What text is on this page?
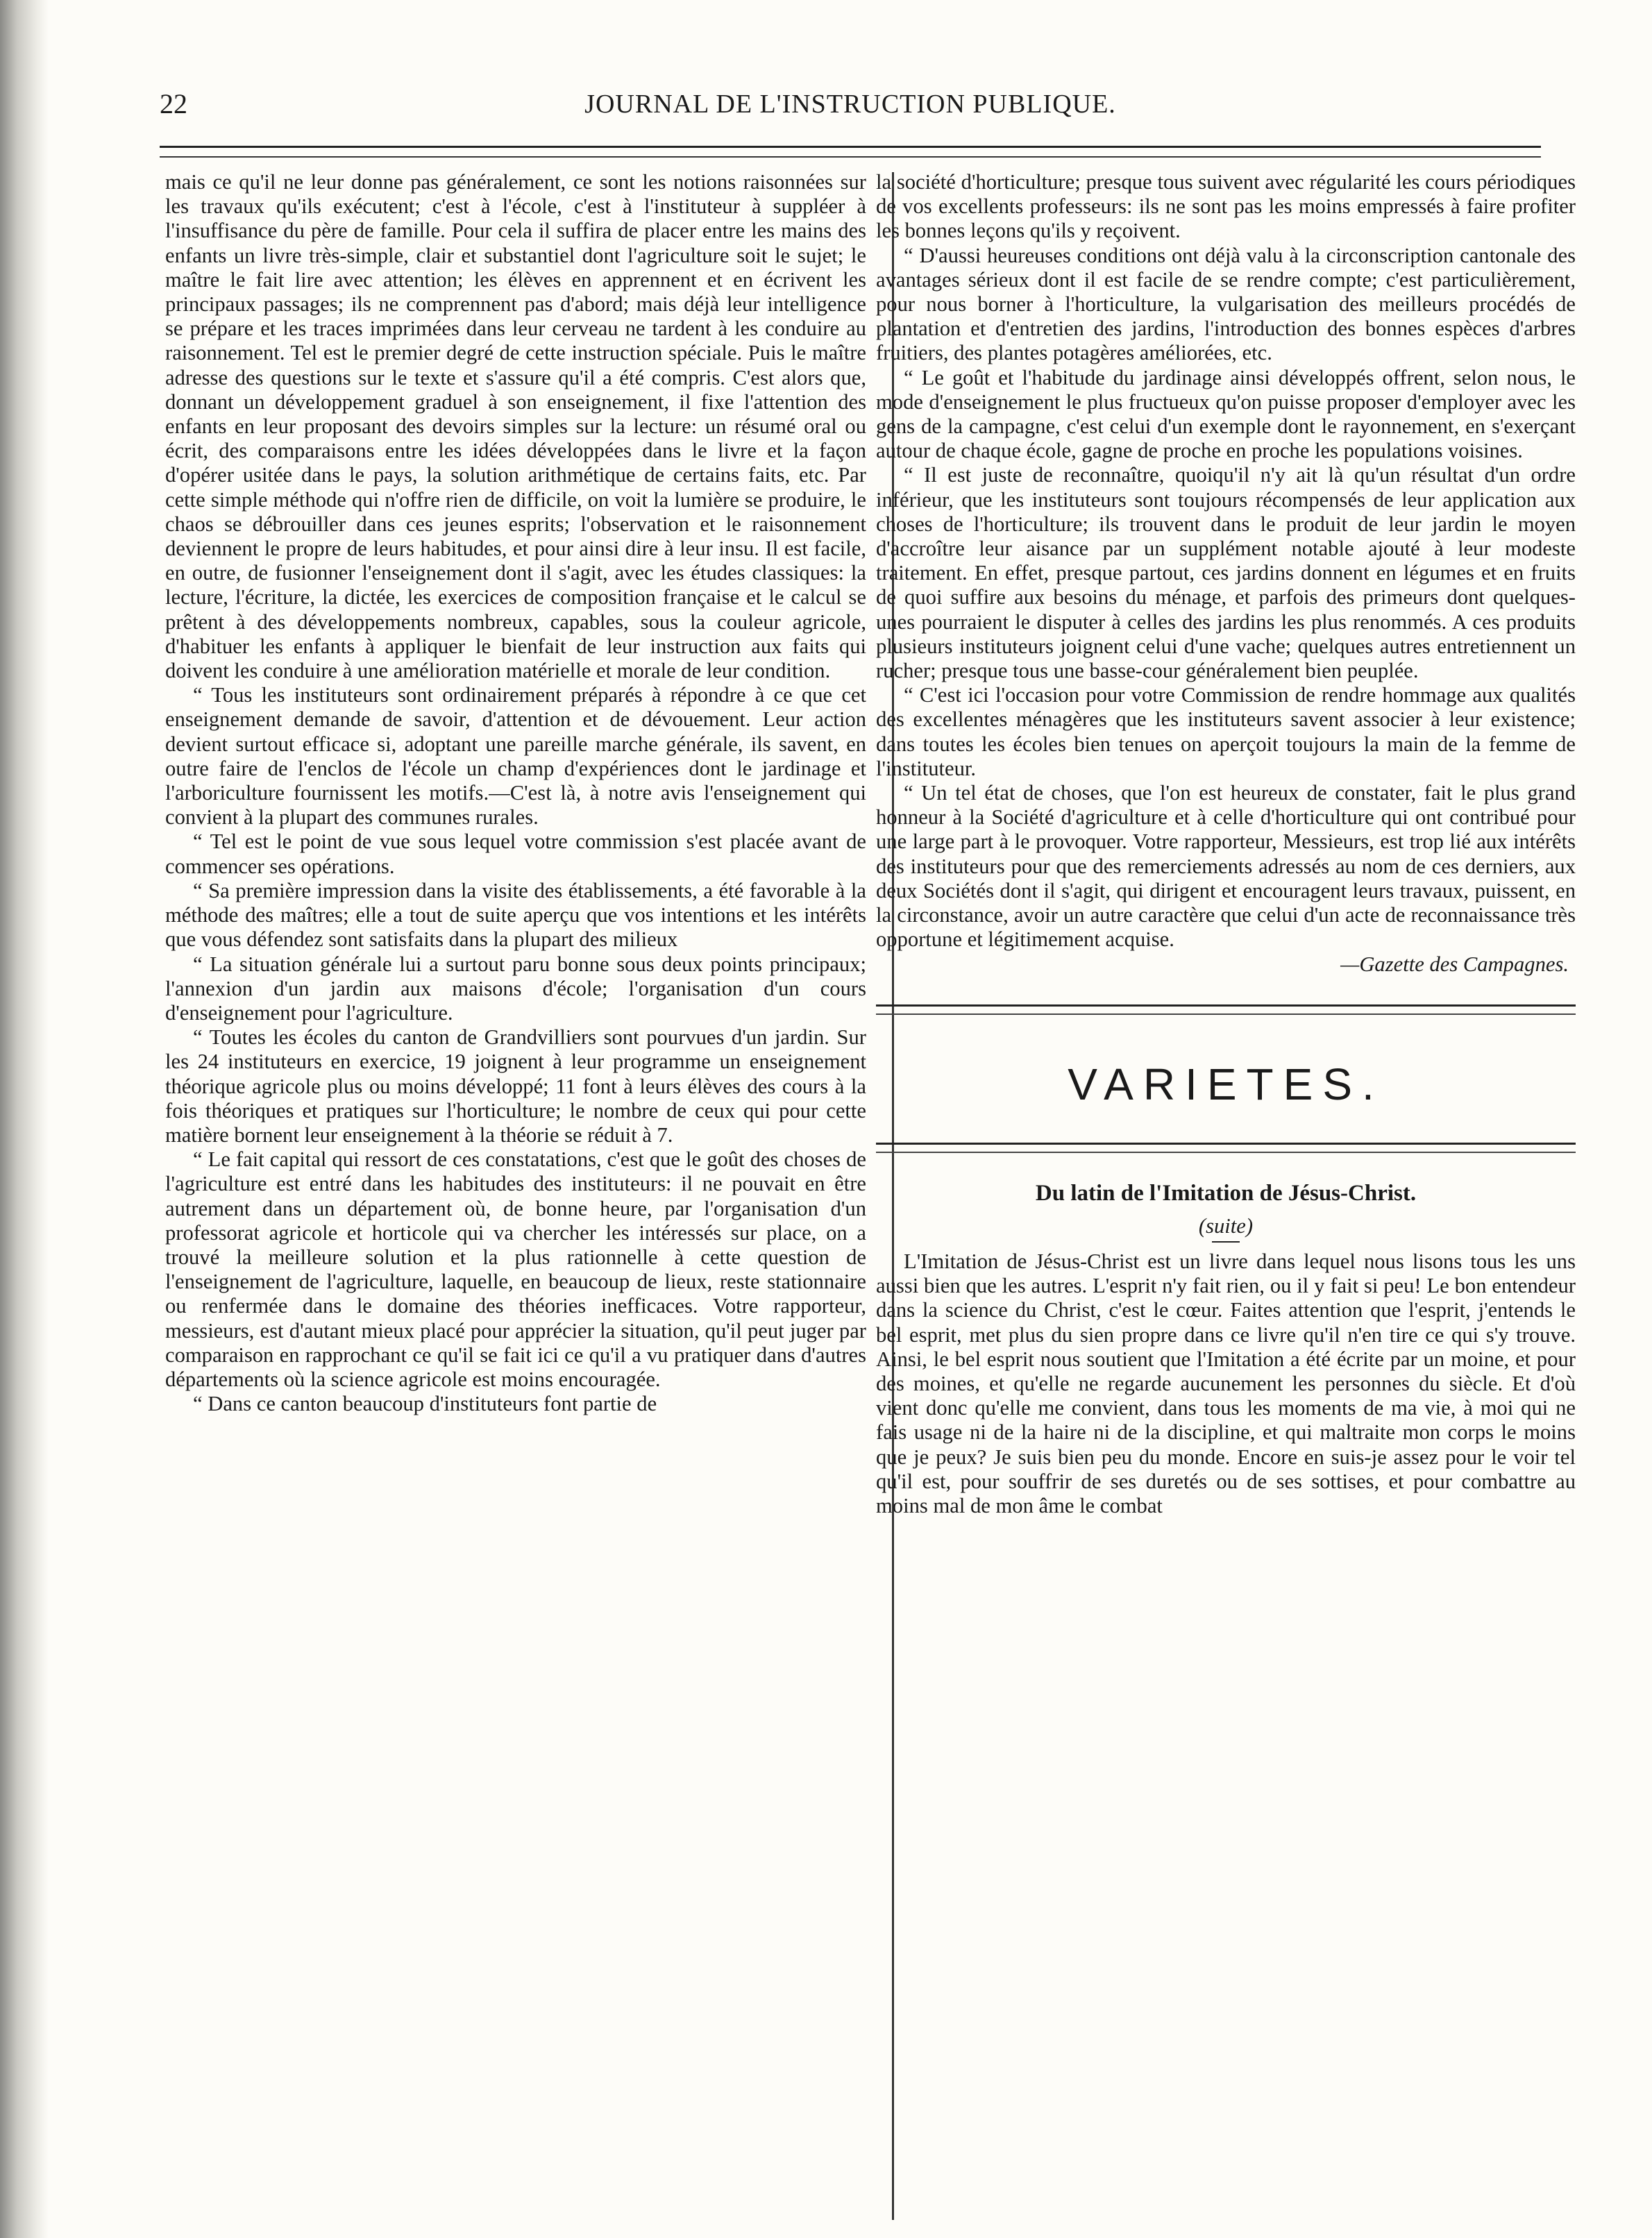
22	JOURNAL DE L'INSTRUCTION PUBLIQUE.

mais ce qu'il ne leur donne pas généralement, ce sont les notions raisonnées sur les travaux qu'ils exécutent; c'est à l'école, c'est à l'instituteur à suppléer à l'insuffisance du père de famille. Pour cela il suffira de placer entre les mains des enfants un livre très-simple, clair et substantiel dont l'agriculture soit le sujet; le maître le fait lire avec attention; les élèves en apprennent et en écrivent les principaux passages; ils ne comprennent pas d'abord; mais déjà leur intelligence se prépare et les traces imprimées dans leur cerveau ne tardent à les conduire au raisonnement. Tel est le premier degré de cette instruction spéciale. Puis le maître adresse des questions sur le texte et s'assure qu'il a été compris. C'est alors que, donnant un développement graduel à son enseignement, il fixe l'attention des enfants en leur proposant des devoirs simples sur la lecture: un résumé oral ou écrit, des comparaisons entre les idées développées dans le livre et la façon d'opérer usitée dans le pays, la solution arithmétique de certains faits, etc. Par cette simple méthode qui n'offre rien de difficile, on voit la lumière se produire, le chaos se débrouiller dans ces jeunes esprits; l'observation et le raisonnement deviennent le propre de leurs habitudes, et pour ainsi dire à leur insu. Il est facile, en outre, de fusionner l'enseignement dont il s'agit, avec les études classiques: la lecture, l'écriture, la dictée, les exercices de composition française et le calcul se prêtent à des développements nombreux, capables, sous la couleur agricole, d'habituer les enfants à appliquer le bienfait de leur instruction aux faits qui doivent les conduire à une amélioration matérielle et morale de leur condition.

“ Tous les instituteurs sont ordinairement préparés à répondre à ce que cet enseignement demande de savoir, d'attention et de dévouement. Leur action devient surtout efficace si, adoptant une pareille marche générale, ils savent, en outre faire de l'enclos de l'école un champ d'expériences dont le jardinage et l'arboriculture fournissent les motifs.—C'est là, à notre avis l'enseignement qui convient à la plupart des communes rurales.

“ Tel est le point de vue sous lequel votre commission s'est placée avant de commencer ses opérations.

“ Sa première impression dans la visite des établissements, a été favorable à la méthode des maîtres; elle a tout de suite aperçu que vos intentions et les intérêts que vous défendez sont satisfaits dans la plupart des milieux

“ La situation générale lui a surtout paru bonne sous deux points principaux; l'annexion d'un jardin aux maisons d'école; l'organisation d'un cours d'enseignement pour l'agriculture.

“ Toutes les écoles du canton de Grandvilliers sont pourvues d'un jardin. Sur les 24 instituteurs en exercice, 19 joignent à leur programme un enseignement théorique agricole plus ou moins développé; 11 font à leurs élèves des cours à la fois théoriques et pratiques sur l'horticulture; le nombre de ceux qui pour cette matière bornent leur enseignement à la théorie se réduit à 7.

“ Le fait capital qui ressort de ces constatations, c'est que le goût des choses de l'agriculture est entré dans les habitudes des instituteurs: il ne pouvait en être autrement dans un département où, de bonne heure, par l'organisation d'un professorat agricole et horticole qui va chercher les intéressés sur place, on a trouvé la meilleure solution et la plus rationnelle à cette question de l'enseignement de l'agriculture, laquelle, en beaucoup de lieux, reste stationnaire ou renfermée dans le domaine des théories inefficaces. Votre rapporteur, messieurs, est d'autant mieux placé pour apprécier la situation, qu'il peut juger par comparaison en rapprochant ce qu'il se fait ici ce qu'il a vu pratiquer dans d'autres départements où la science agricole est moins encouragée.

“ Dans ce canton beaucoup d'instituteurs font partie de

la société d'horticulture; presque tous suivent avec régularité les cours périodiques de vos excellents professeurs: ils ne sont pas les moins empressés à faire profiter les bonnes leçons qu'ils y reçoivent.

“ D'aussi heureuses conditions ont déjà valu à la circonscription cantonale des avantages sérieux dont il est facile de se rendre compte; c'est particulièrement, pour nous borner à l'horticulture, la vulgarisation des meilleurs procédés de plantation et d'entretien des jardins, l'introduction des bonnes espèces d'arbres fruitiers, des plantes potagères améliorées, etc.

“ Le goût et l'habitude du jardinage ainsi développés offrent, selon nous, le mode d'enseignement le plus fructueux qu'on puisse proposer d'employer avec les gens de la campagne, c'est celui d'un exemple dont le rayonnement, en s'exerçant autour de chaque école, gagne de proche en proche les populations voisines.

“ Il est juste de reconnaître, quoiqu'il n'y ait là qu'un résultat d'un ordre inférieur, que les instituteurs sont toujours récompensés de leur application aux choses de l'horticulture; ils trouvent dans le produit de leur jardin le moyen d'accroître leur aisance par un supplément notable ajouté à leur modeste traitement. En effet, presque partout, ces jardins donnent en légumes et en fruits de quoi suffire aux besoins du ménage, et parfois des primeurs dont quelques-unes pourraient le disputer à celles des jardins les plus renommés. A ces produits plusieurs instituteurs joignent celui d'une vache; quelques autres entretiennent un rucher; presque tous une basse-cour généralement bien peuplée.

“ C'est ici l'occasion pour votre Commission de rendre hommage aux qualités des excellentes ménagères que les instituteurs savent associer à leur existence; dans toutes les écoles bien tenues on aperçoit toujours la main de la femme de l'instituteur.

“ Un tel état de choses, que l'on est heureux de constater, fait le plus grand honneur à la Société d'agriculture et à celle d'horticulture qui ont contribué pour une large part à le provoquer. Votre rapporteur, Messieurs, est trop lié aux intérêts des instituteurs pour que des remerciements adressés au nom de ces derniers, aux deux Sociétés dont il s'agit, qui dirigent et encouragent leurs travaux, puissent, en la circonstance, avoir un autre caractère que celui d'un acte de reconnaissance très opportune et légitimement acquise.

—Gazette des Campagnes.

VARIETES.
Du latin de l'Imitation de Jésus-Christ.
(suite)

L'Imitation de Jésus-Christ est un livre dans lequel nous lisons tous les uns aussi bien que les autres. L'esprit n'y fait rien, ou il y fait si peu! Le bon entendeur dans la science du Christ, c'est le cœur. Faites attention que l'esprit, j'entends le bel esprit, met plus du sien propre dans ce livre qu'il n'en tire ce qui s'y trouve. Ainsi, le bel esprit nous soutient que l'Imitation a été écrite par un moine, et pour des moines, et qu'elle ne regarde aucunement les personnes du siècle. Et d'où vient donc qu'elle me convient, dans tous les moments de ma vie, à moi qui ne fais usage ni de la haire ni de la discipline, et qui maltraite mon corps le moins que je peux? Je suis bien peu du monde. Encore en suis-je assez pour le voir tel qu'il est, pour souffrir de ses duretés ou de ses sottises, et pour combattre au moins mal de mon âme le combat
